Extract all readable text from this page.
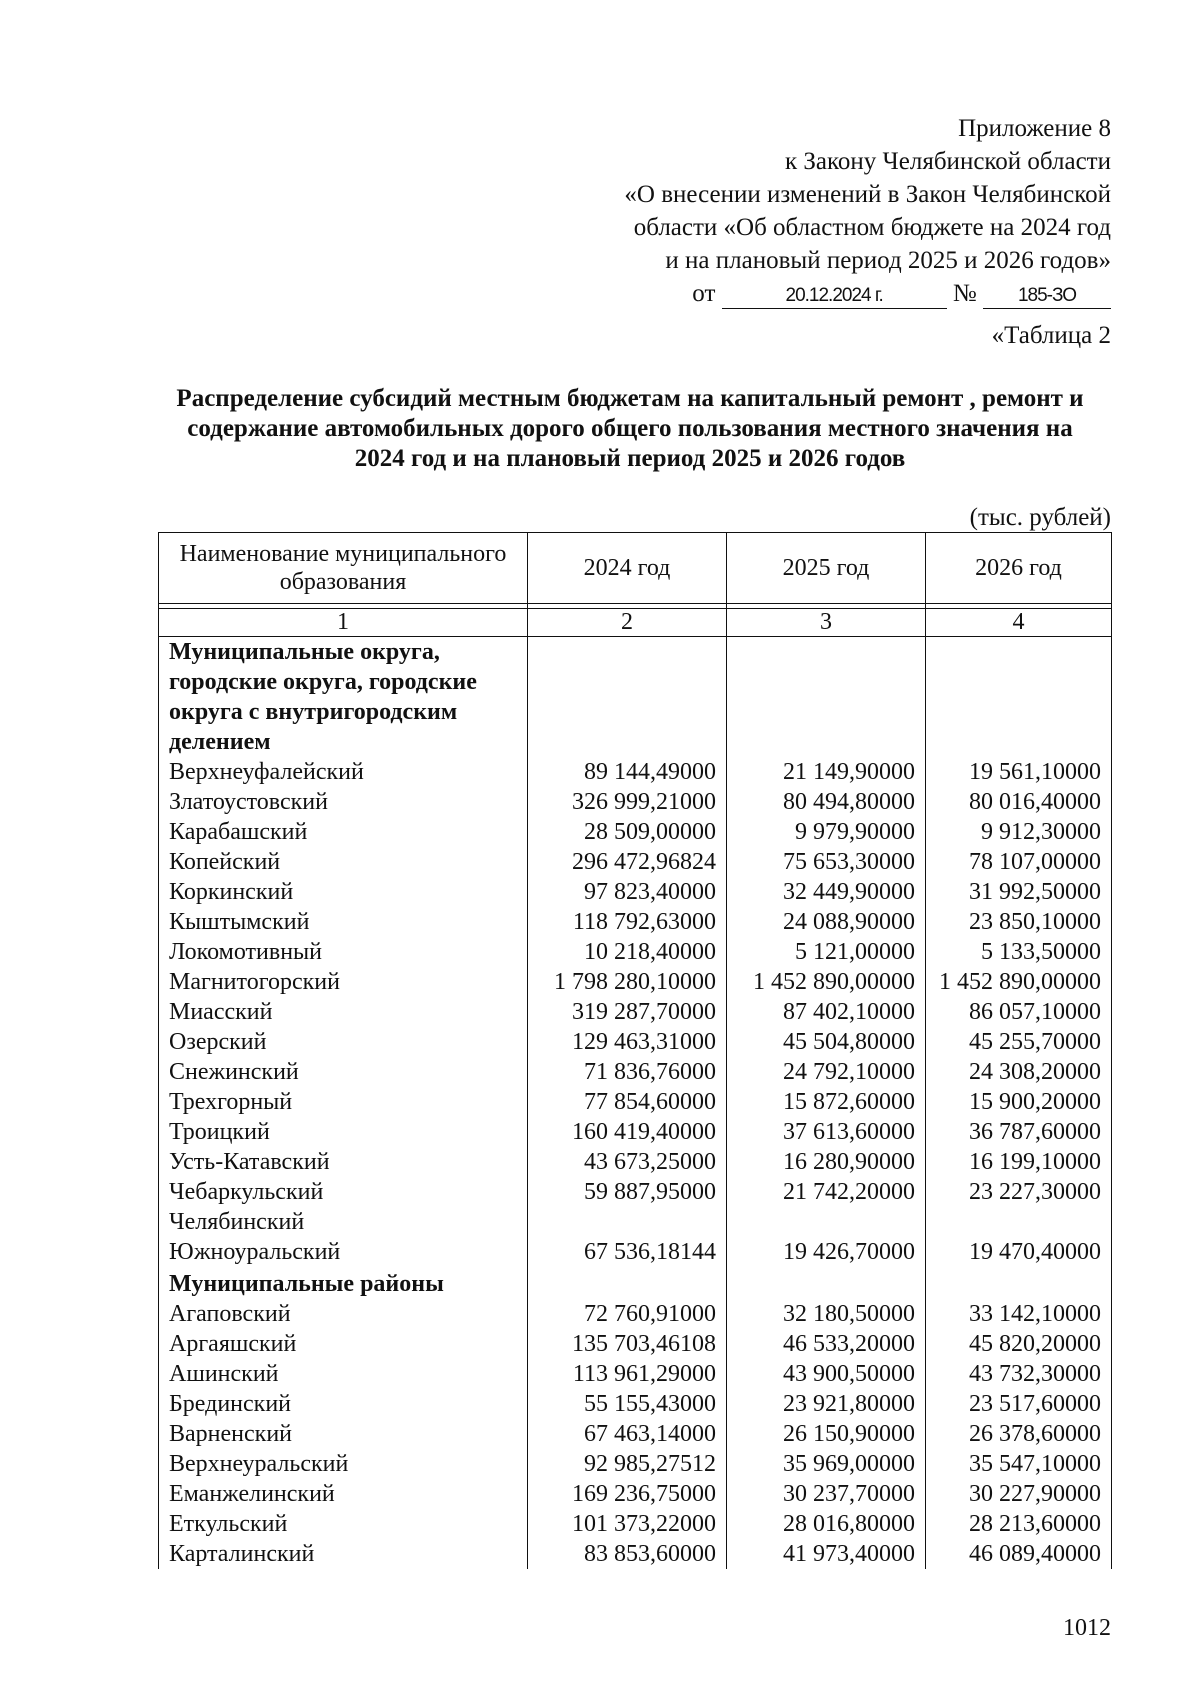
Приложение 8
к Закону Челябинской области
«О внесении изменений в Закон Челябинской
области «Об областном бюджете на 2024 год
и на плановый период 2025 и 2026 годов»
от	20.12.2024 г.	№ 185-ЗО
«Таблица 2
Распределение субсидий местным бюджетам на капитальный ремонт , ремонт и
содержание автомобильных дорого общего пользования местного значения на
2024 год и на плановый период 2025 и 2026 годов
(тыс. рублей)
Наименование муниципального образования	2024 год	2025 год	2026 год

1	2	3	4
Муниципальные округа, городские округа, городские округа с внутригородским делением			
Верхнеуфалейский	89 144,49000	21 149,90000	19 561,10000
Златоустовский	326 999,21000	80 494,80000	80 016,40000
Карабашский	28 509,00000	9 979,90000	9 912,30000
Копейский	296 472,96824	75 653,30000	78 107,00000
Коркинский	97 823,40000	32 449,90000	31 992,50000
Кыштымский	118 792,63000	24 088,90000	23 850,10000
Локомотивный	10 218,40000	5 121,00000	5 133,50000
Магнитогорский	1 798 280,10000	1 452 890,00000	1 452 890,00000
Миасский	319 287,70000	87 402,10000	86 057,10000
Озерский	129 463,31000	45 504,80000	45 255,70000
Снежинский	71 836,76000	24 792,10000	24 308,20000
Трехгорный	77 854,60000	15 872,60000	15 900,20000
Троицкий	160 419,40000	37 613,60000	36 787,60000
Усть-Катавский	43 673,25000	16 280,90000	16 199,10000
Чебаркульский	59 887,95000	21 742,20000	23 227,30000
Челябинский			
Южноуральский	67 536,18144	19 426,70000	19 470,40000
Муниципальные районы			
Агаповский	72 760,91000	32 180,50000	33 142,10000
Аргаяшский	135 703,46108	46 533,20000	45 820,20000
Ашинский	113 961,29000	43 900,50000	43 732,30000
Брединский	55 155,43000	23 921,80000	23 517,60000
Варненский	67 463,14000	26 150,90000	26 378,60000
Верхнеуральский	92 985,27512	35 969,00000	35 547,10000
Еманжелинский	169 236,75000	30 237,70000	30 227,90000
Еткульский	101 373,22000	28 016,80000	28 213,60000
Карталинский	83 853,60000	41 973,40000	46 089,40000
1012
